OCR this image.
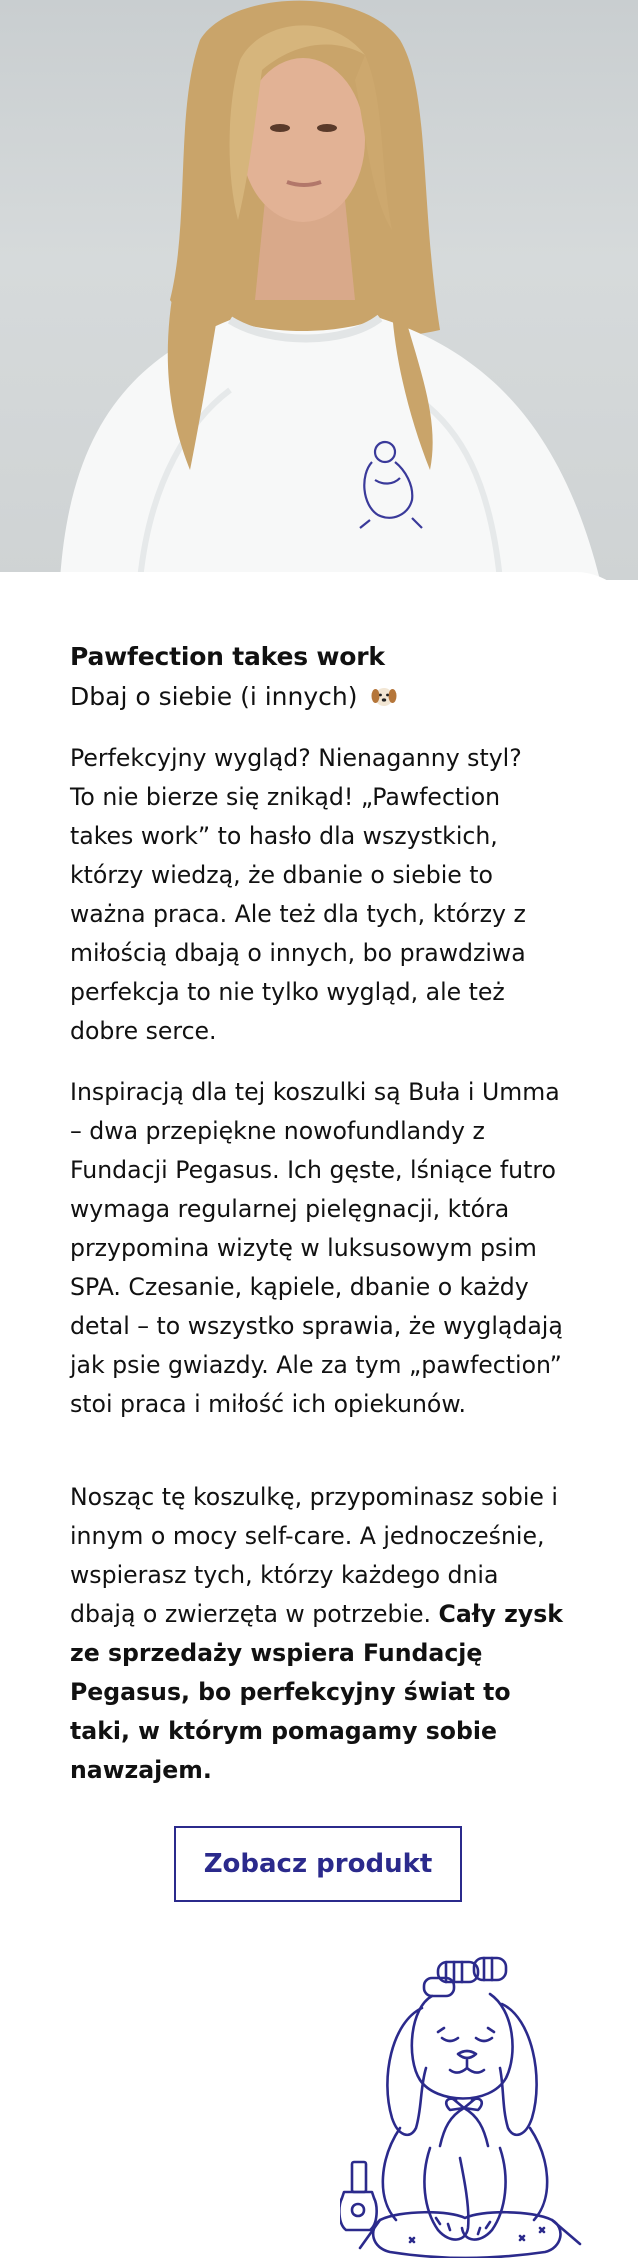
Pawfection takes work
Dbaj o siebie (i innych)
Perfekcyjny wygląd? Nienaganny styl?
To nie bierze się znikąd! „Pawfection takes work” to hasło dla wszystkich, którzy wiedzą, że dbanie o siebie to ważna praca. Ale też dla tych, którzy z miłością dbają o innych, bo prawdziwa perfekcja to nie tylko wygląd, ale też dobre serce.
Inspiracją dla tej koszulki są Buła i Umma – dwa przepiękne nowofundlandy z Fundacji Pegasus. Ich gęste, lśniące futro wymaga regularnej pielęgnacji, która przypomina wizytę w luksusowym psim SPA. Czesanie, kąpiele, dbanie o każdy detal – to wszystko sprawia, że wyglądają jak psie gwiazdy. Ale za tym „pawfection” stoi praca i miłość ich opiekunów.
Nosząc tę koszulkę, przypominasz sobie i innym o mocy self-care. A jednocześnie, wspierasz tych, którzy każdego dnia dbają o zwierzęta w potrzebie. Cały zysk ze sprzedaży wspiera Fundację Pegasus, bo perfekcyjny świat to taki, w którym pomagamy sobie nawzajem.
Zobacz produkt
